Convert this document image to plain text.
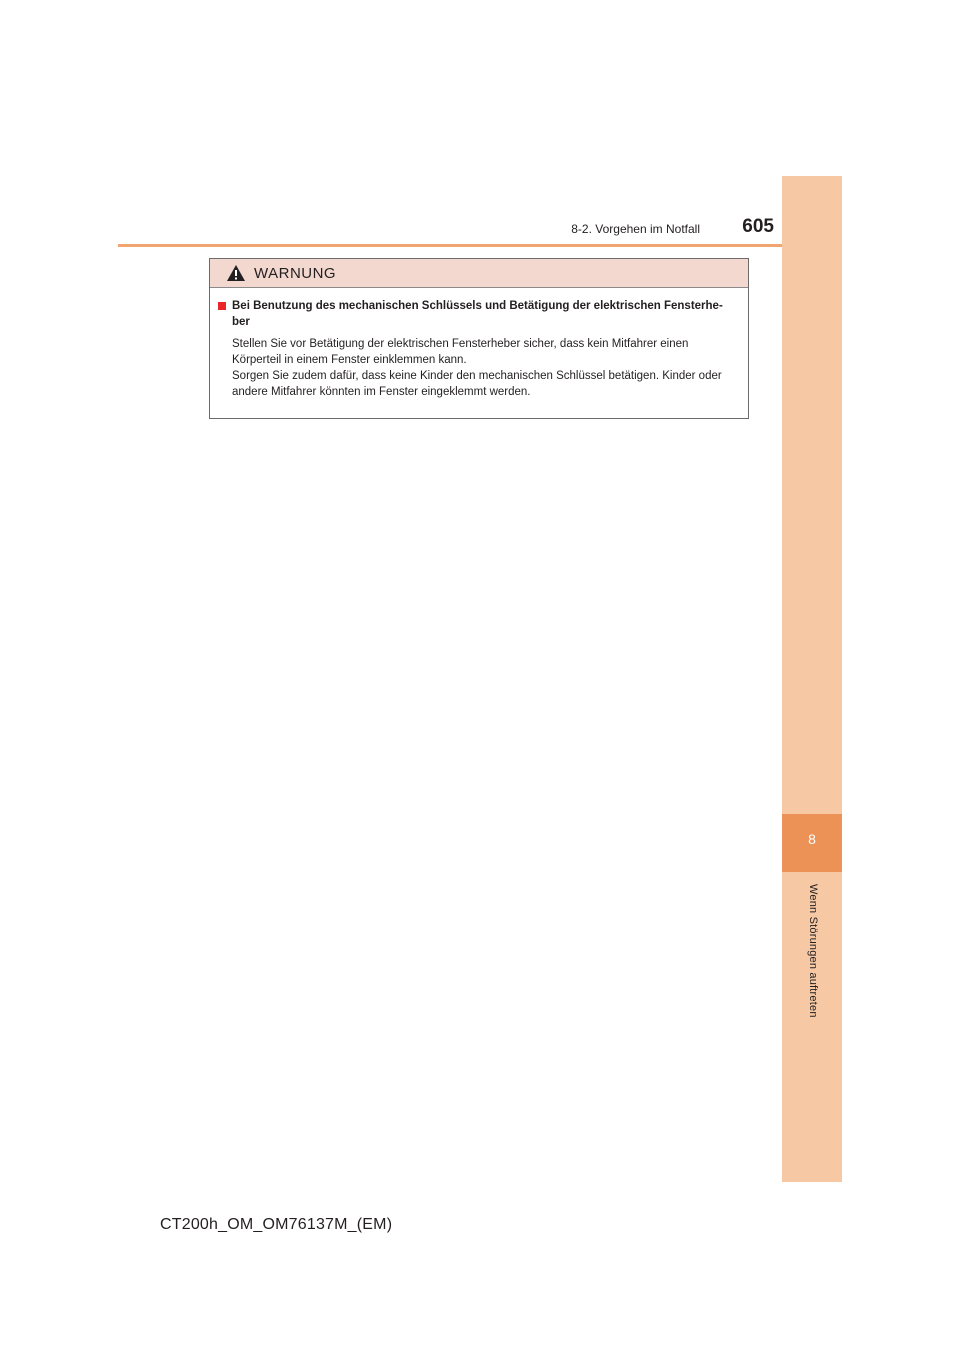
8-2. Vorgehen im Notfall	605
8
Wenn Störungen auftreten
WARNUNG
Bei Benutzung des mechanischen Schlüssels und Betätigung der elektrischen Fensterhe-ber

Stellen Sie vor Betätigung der elektrischen Fensterheber sicher, dass kein Mitfahrer einen Körperteil in einem Fenster einklemmen kann.

Sorgen Sie zudem dafür, dass keine Kinder den mechanischen Schlüssel betätigen. Kinder oder andere Mitfahrer könnten im Fenster eingeklemmt werden.

CT200h_OM_OM76137M_(EM)
